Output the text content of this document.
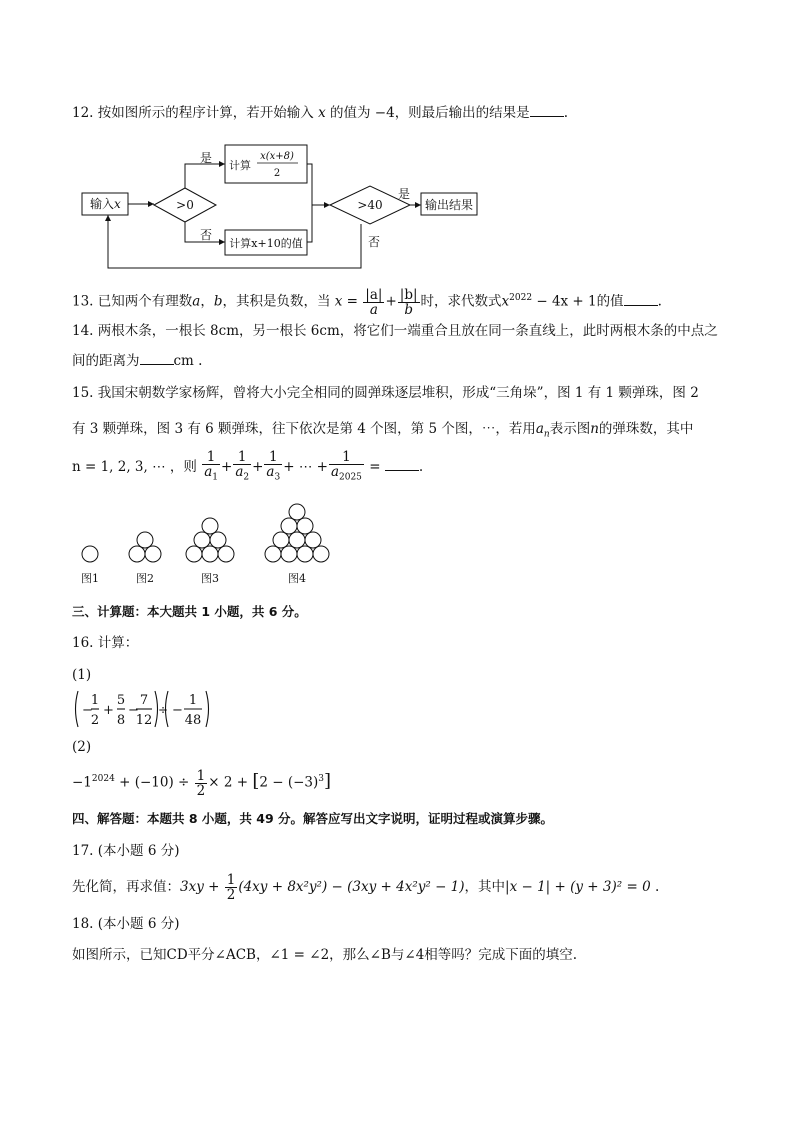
12. 按如图所示的程序计算，若开始输入 x 的值为 −4，则最后输出的结果是	.
输入x	>0
是
否
计算
x(x+8)
2
计算x+10的值
>40
是
否
输出结果
13. 已知两个有理数a，b，其积是负数，当 $x = \frac{|a|}{a} + \frac{|b|}{b}$ 时，求代数式$x^{2022} - 4x + 1$的值	.
14. 两根木条，一根长 8cm，另一根长 6cm，将它们一端重合且放在同一条直线上，此时两根木条的中点之
间的距离为	cm .
15. 我国宋朝数学家杨辉，曾将大小完全相同的圆弹珠逐层堆积，形成“三角垛”，图 1 有 1 颗弹珠，图 2
有 3 颗弹珠，图 3 有 6 颗弹珠，往下依次是第 4 个图，第 5 个图，⋯，若用$a_n$表示图n的弹珠数，其中
n = 1, 2, 3, ⋯ ，则 $\frac{1}{a_1} + \frac{1}{a_2} + \frac{1}{a_3}$ + ⋯ + $\frac{1}{a_{2025}}$ =	.
图1	图2	图3	图4
三、计算题：本大题共 1 小题，共 6 分。
16. 计算：
(1)
− + − ÷ −
1
2
5
8
7
12
1
48
(2)
$-1^{2024} + (-10) \div \frac{1}{2} \times 2 + [2 - (-3)^3]$
四、解答题：本题共 8 小题，共 49 分。解答应写出文字说明，证明过程或演算步骤。
17. (本小题 6 分)
先化简，再求值：$3xy + \frac{1}{2} (4xy + 8x^2y^2) - (3xy + 4x^2y^2 - 1)$，其中|x − 1| + (y + 3)² = 0 .
18. (本小题 6 分)
如图所示，已知CD平分∠ACB，∠1 = ∠2，那么∠B与∠4相等吗？完成下面的填空.
